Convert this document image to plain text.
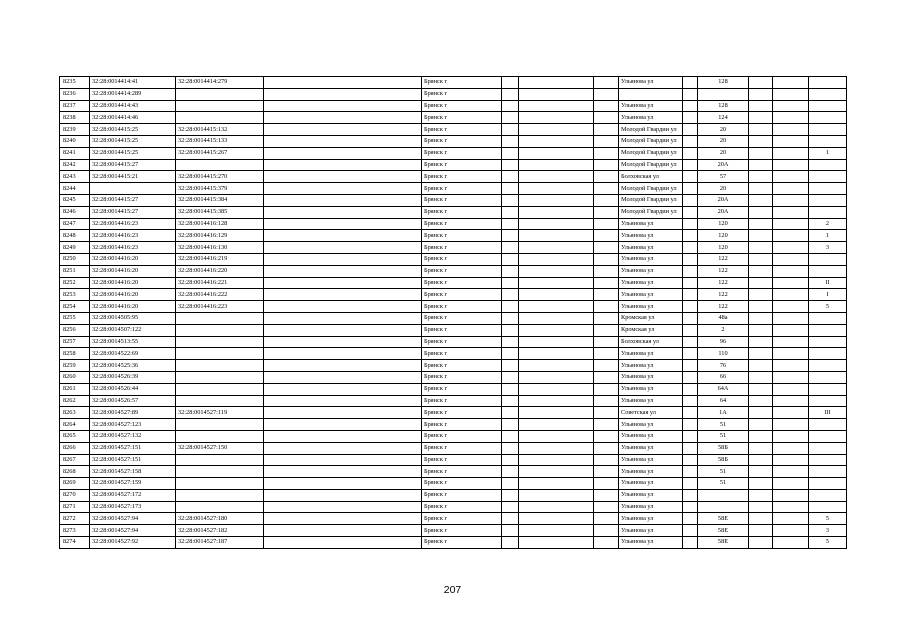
8235	32:28:0014414:41	32:28:0014414:279		Брянск г				Ульянова ул		128			
8236	32:28:0014414:289			Брянск г									
8237	32:28:0014414:43			Брянск г				Ульянова ул		128			
8238	32:28:0014414:46			Брянск г				Ульянова ул		124			
8239	32:28:0014415:25	32:28:0014415:132		Брянск г				Молодой Гвардии ул		20			
8240	32:28:0014415:25	32:28:0014415:133		Брянск г				Молодой Гвардии ул		20			
8241	32:28:0014415:25	32:28:0014415:267		Брянск г				Молодой Гвардии ул		20			1
8242	32:28:0014415:27			Брянск г				Молодой Гвардии ул		20А			
8243	32:28:0014415:21	32:28:0014415:270		Брянск г				Болховская ул		57			
8244		32:28:0014415:379		Брянск г				Молодой Гвардии ул		20			
8245	32:28:0014415:27	32:28:0014415:384		Брянск г				Молодой Гвардии ул		20А			
8246	32:28:0014415:27	32:28:0014415:385		Брянск г				Молодой Гвардии ул		20А			
8247	32:28:0014416:23	32:28:0014416:128		Брянск г				Ульянова ул		120			2
8248	32:28:0014416:23	32:28:0014416:129		Брянск г				Ульянова ул		120			1
8249	32:28:0014416:23	32:28:0014416:130		Брянск г				Ульянова ул		120			3
8250	32:28:0014416:20	32:28:0014416:219		Брянск г				Ульянова ул		122			
8251	32:28:0014416:20	32:28:0014416:220		Брянск г				Ульянова ул		122			
8252	32:28:0014416:20	32:28:0014416:221		Брянск г				Ульянова ул		122			II
8253	32:28:0014416:20	32:28:0014416:222		Брянск г				Ульянова ул		122			I
8254	32:28:0014416:20	32:28:0014416:223		Брянск г				Ульянова ул		122			5
8255	32:28:0014505:95			Брянск г				Кромская ул		48а			
8256	32:28:0014507:122			Брянск г				Кромская ул		2			
8257	32:28:0014513:55			Брянск г				Болховская ул		96			
8258	32:28:0014522:69			Брянск г				Ульянова ул		110			
8259	32:28:0014525:36			Брянск г				Ульянова ул		76			
8260	32:28:0014526:39			Брянск г				Ульянова ул		66			
8261	32:28:0014526:44			Брянск г				Ульянова ул		64А			
8262	32:28:0014526:57			Брянск г				Ульянова ул		64			
8263	32:28:0014527:89	32:28:0014527:119		Брянск г				Советская ул		1А			III
8264	32:28:0014527:123			Брянск г				Ульянова ул		51			
8265	32:28:0014527:132			Брянск г				Ульянова ул		51			
8266	32:28:0014527:151	32:28:0014527:150		Брянск г				Ульянова ул		58Б			
8267	32:28:0014527:151			Брянск г				Ульянова ул		58Б			
8268	32:28:0014527:158			Брянск г				Ульянова ул		51			
8269	32:28:0014527:159			Брянск г				Ульянова ул		51			
8270	32:28:0014527:172			Брянск г				Ульянова ул					
8271	32:28:0014527:173			Брянск г				Ульянова ул					
8272	32:28:0014527:94	32:28:0014527:180		Брянск г				Ульянова ул		58Е			5
8273	32:28:0014527:94	32:28:0014527:182		Брянск г				Ульянова ул		58Е			3
8274	32:28:0014527:92	32:28:0014527:187		Брянск г				Ульянова ул		58Е			5
207
